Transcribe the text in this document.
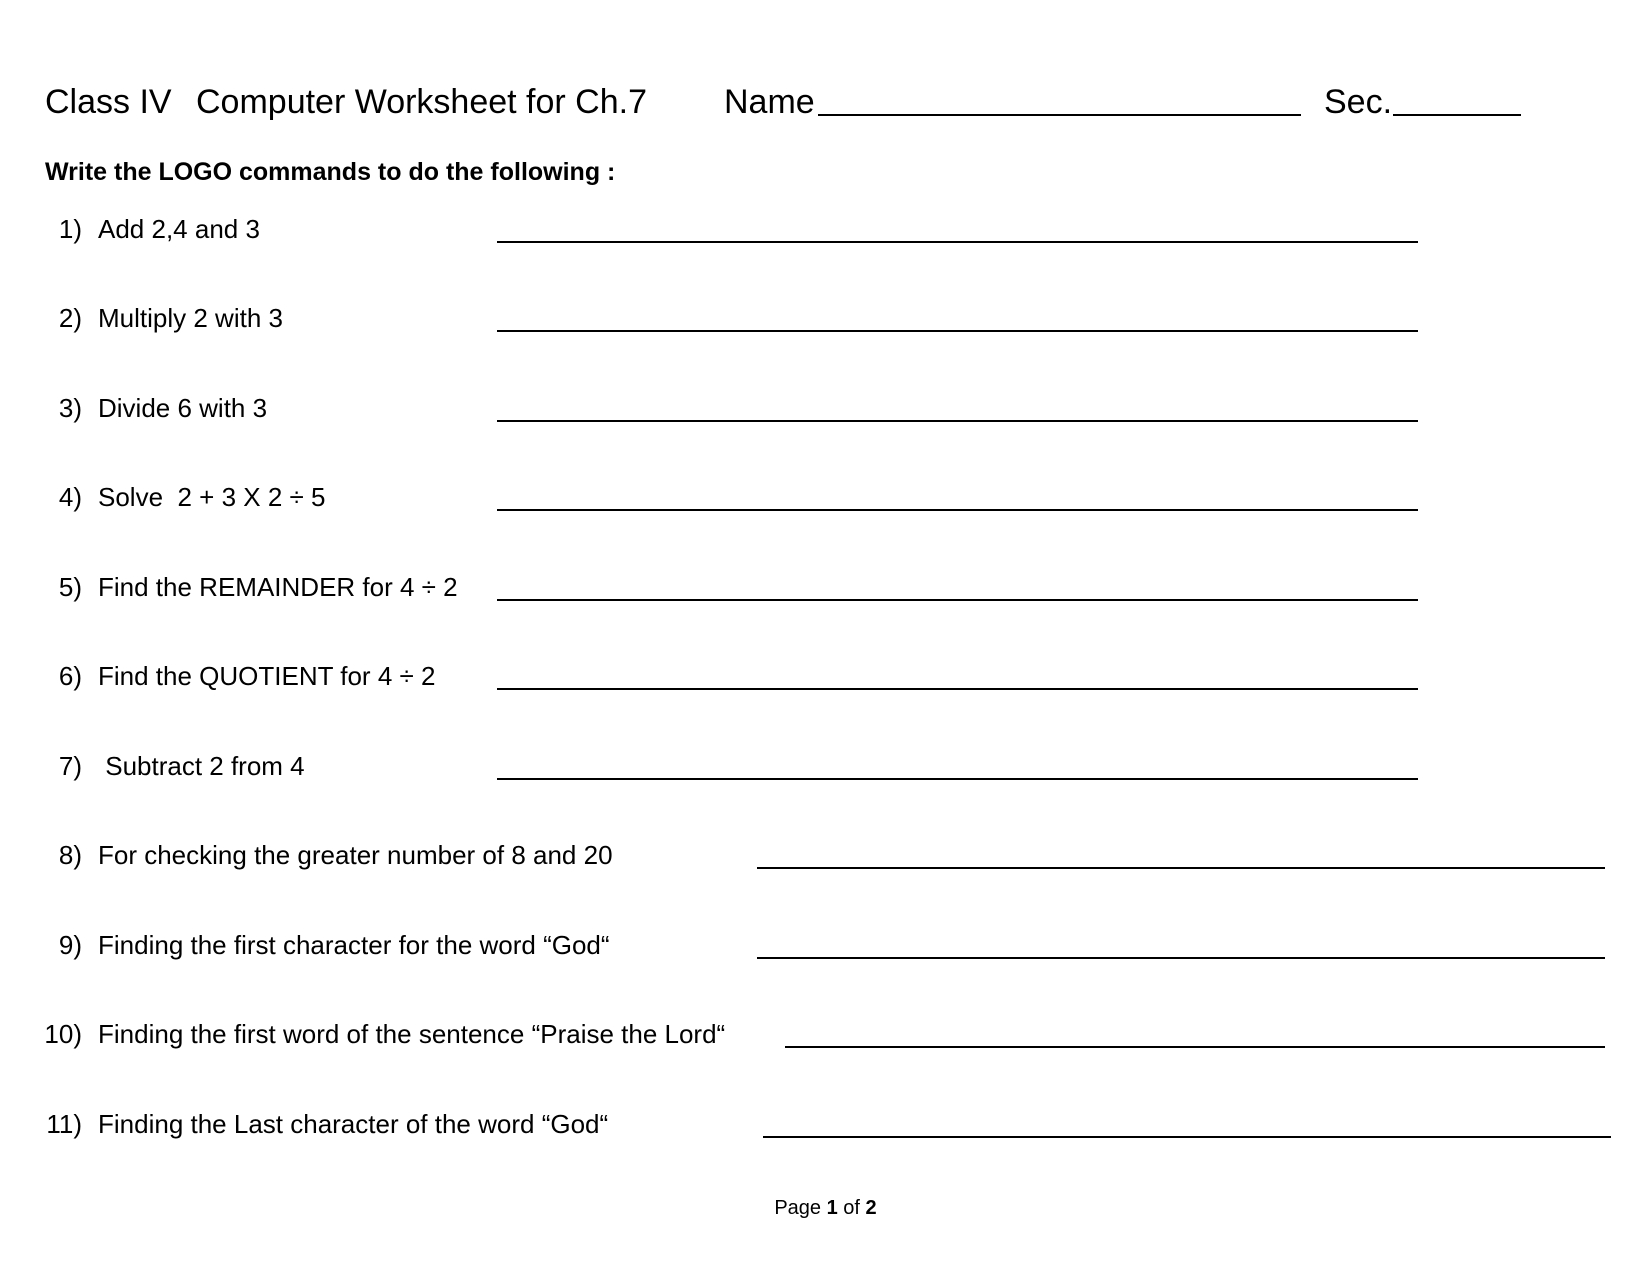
Class IV Computer Worksheet for Ch.7 Name	Sec.
Write the LOGO commands to do the following :
1) Add 2,4 and 3
2) Multiply 2 with 3
3) Divide 6 with 3
4) Solve  2 + 3 X 2 ÷ 5
5) Find the REMAINDER for 4 ÷ 2
6) Find the QUOTIENT for 4 ÷ 2
7) Subtract 2 from 4
8) For checking the greater number of 8 and 20
9) Finding the first character for the word “God“
10) Finding the first word of the sentence “Praise the Lord“
11) Finding the Last character of the word “God“
Page 1 of 2
